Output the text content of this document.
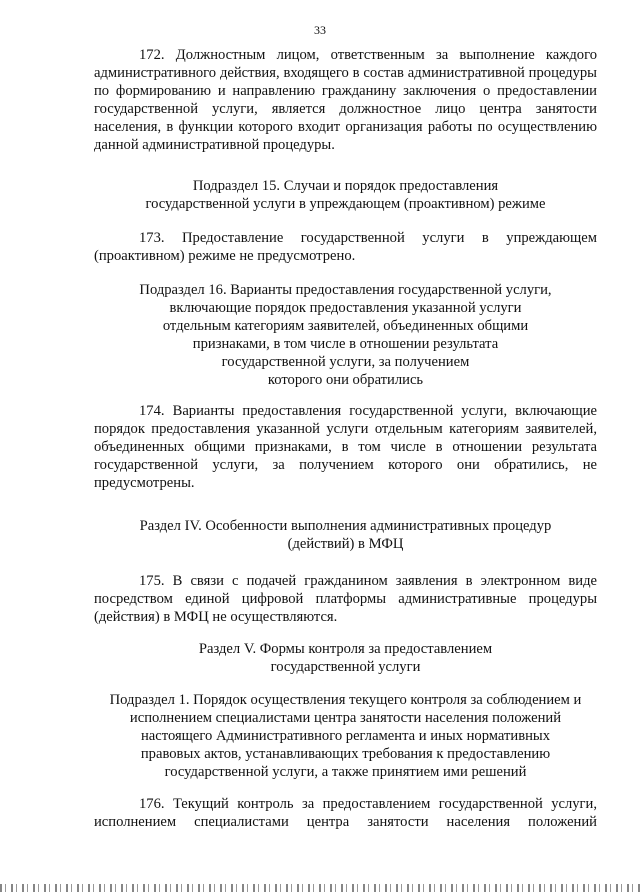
33
172. Должностным лицом, ответственным за выполнение каждого административного действия, входящего в состав административной процедуры по формированию и направлению гражданину заключения о предоставлении государственной услуги, является должностное лицо центра занятости населения, в функции которого входит организация работы по осуществлению данной административной процедуры.
Подраздел 15. Случаи и порядок предоставления
государственной услуги в упреждающем (проактивном) режиме
173. Предоставление государственной услуги в упреждающем (проактивном) режиме не предусмотрено.
Подраздел 16. Варианты предоставления государственной услуги,
включающие порядок предоставления указанной услуги
отдельным категориям заявителей, объединенных общими
признаками, в том числе в отношении результата
государственной услуги, за получением
которого они обратились
174. Варианты предоставления государственной услуги, включающие порядок предоставления указанной услуги отдельным категориям заявителей, объединенных общими признаками, в том числе в отношении результата государственной услуги, за получением которого они обратились, не предусмотрены.
Раздел IV. Особенности выполнения административных процедур
(действий) в МФЦ
175. В связи с подачей гражданином заявления в электронном виде посредством единой цифровой платформы административные процедуры (действия) в МФЦ не осуществляются.
Раздел V. Формы контроля за предоставлением
государственной услуги
Подраздел 1. Порядок осуществления текущего контроля за соблюдением и
исполнением специалистами центра занятости населения положений
настоящего Административного регламента и иных нормативных
правовых актов, устанавливающих требования к предоставлению
государственной услуги, а также принятием ими решений
176. Текущий контроль за предоставлением государственной услуги, исполнением специалистами центра занятости населения положений
